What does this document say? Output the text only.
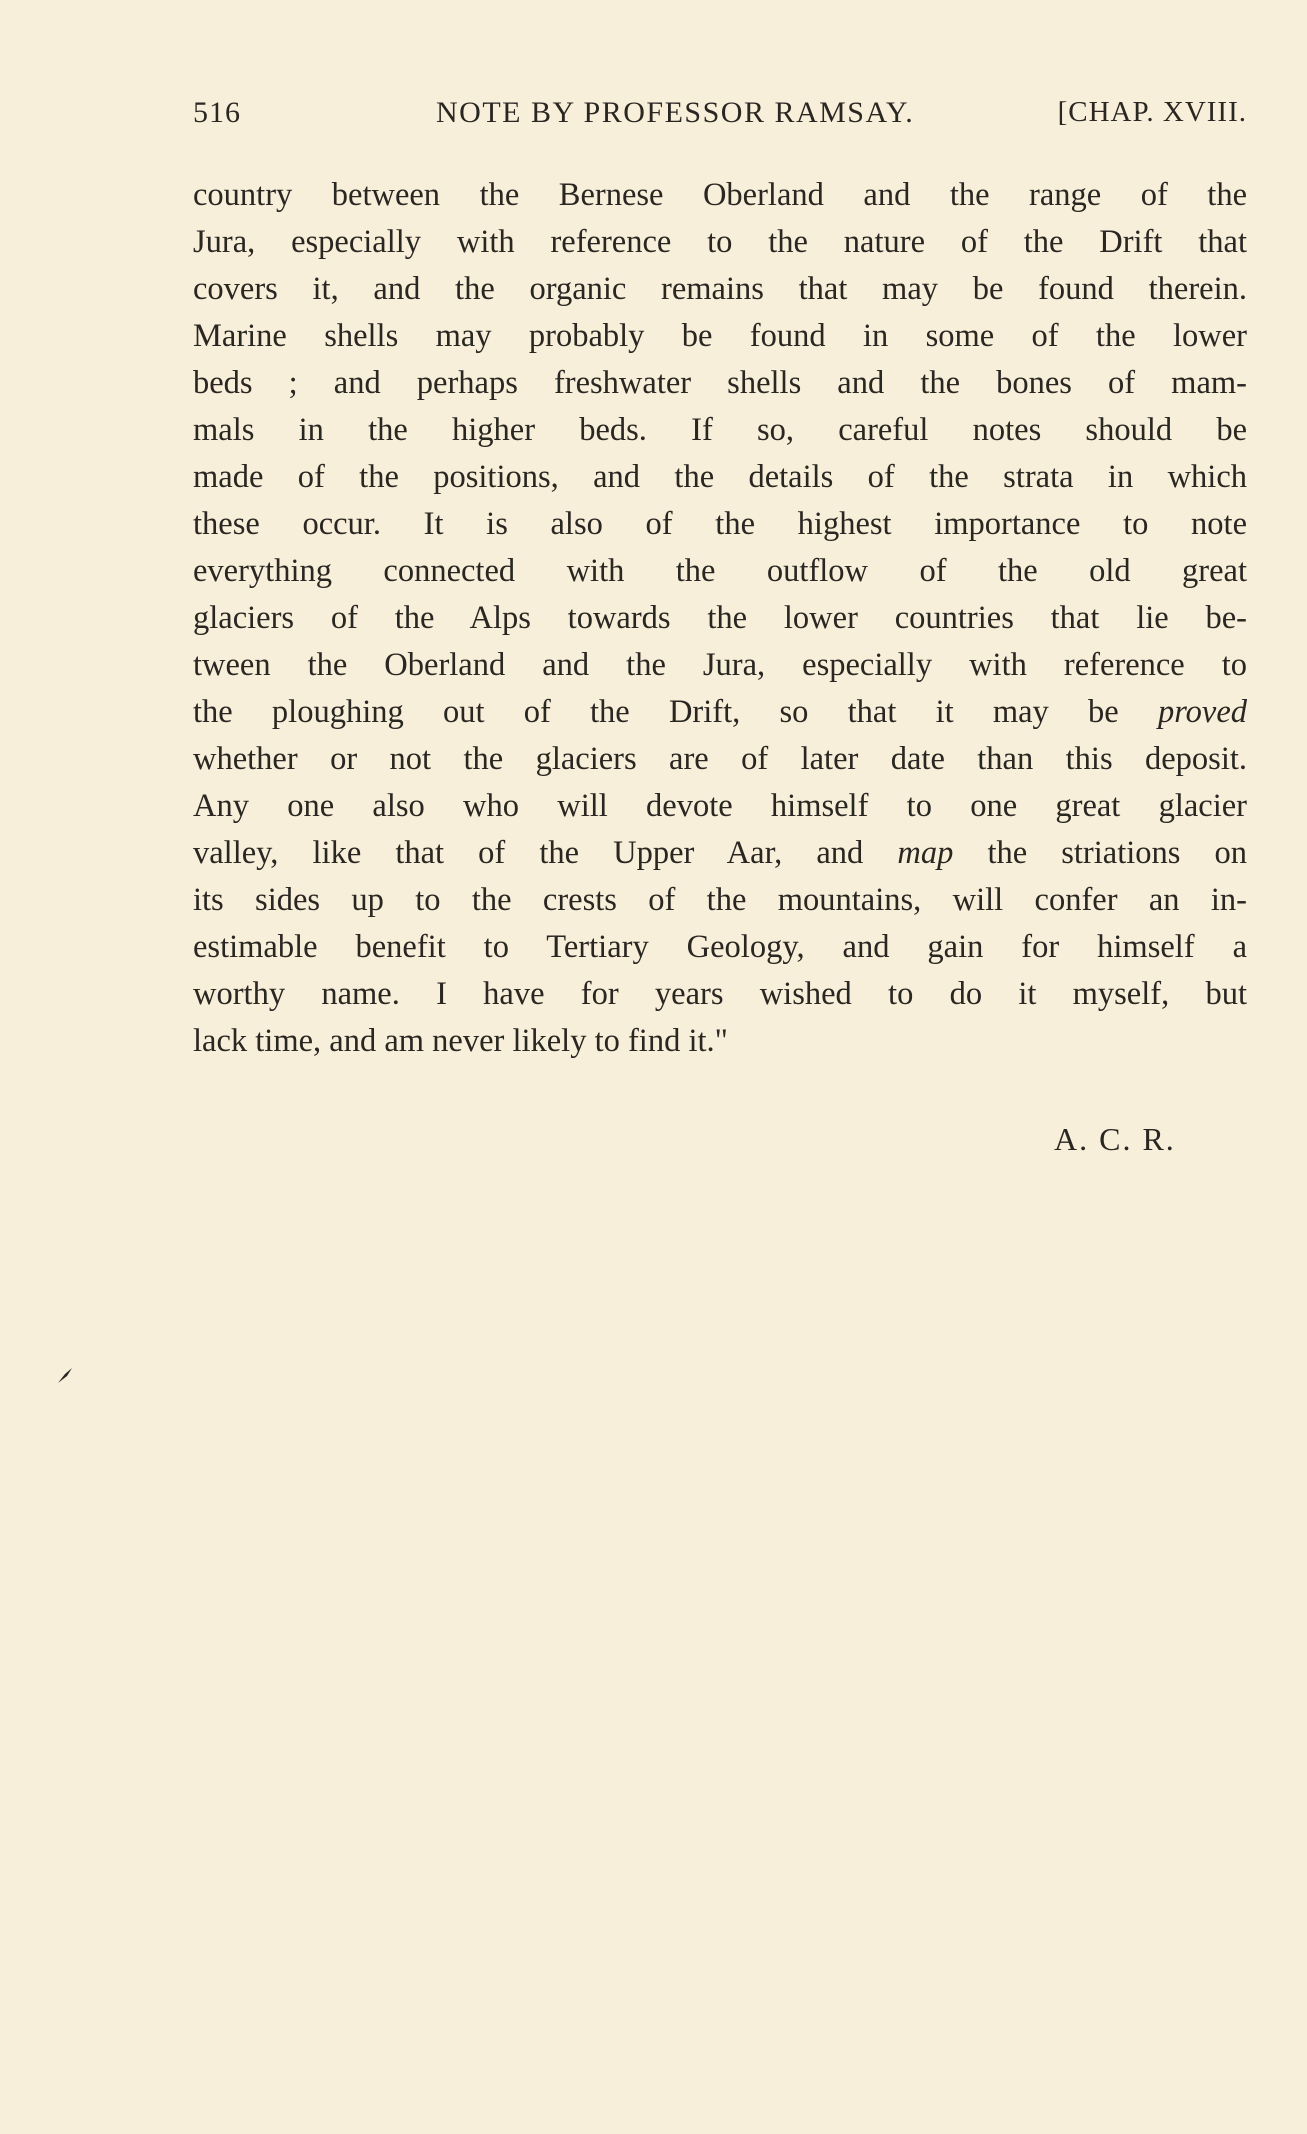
516	NOTE BY PROFESSOR RAMSAY.	[CHAP. XVIII.
country between the Bernese Oberland and the range of the
Jura, especially with reference to the nature of the Drift that
covers it, and the organic remains that may be found therein.
Marine shells may probably be found in some of the lower
beds ; and perhaps freshwater shells and the bones of mam-
mals in the higher beds. If so, careful notes should be
made of the positions, and the details of the strata in which
these occur. It is also of the highest importance to note
everything connected with the outflow of the old great
glaciers of the Alps towards the lower countries that lie be-
tween the Oberland and the Jura, especially with reference to
the ploughing out of the Drift, so that it may be proved
whether or not the glaciers are of later date than this deposit.
Any one also who will devote himself to one great glacier
valley, like that of the Upper Aar, and map the striations on
its sides up to the crests of the mountains, will confer an in-
estimable benefit to Tertiary Geology, and gain for himself a
worthy name. I have for years wished to do it myself, but
lack time, and am never likely to find it."
A. C. R.
